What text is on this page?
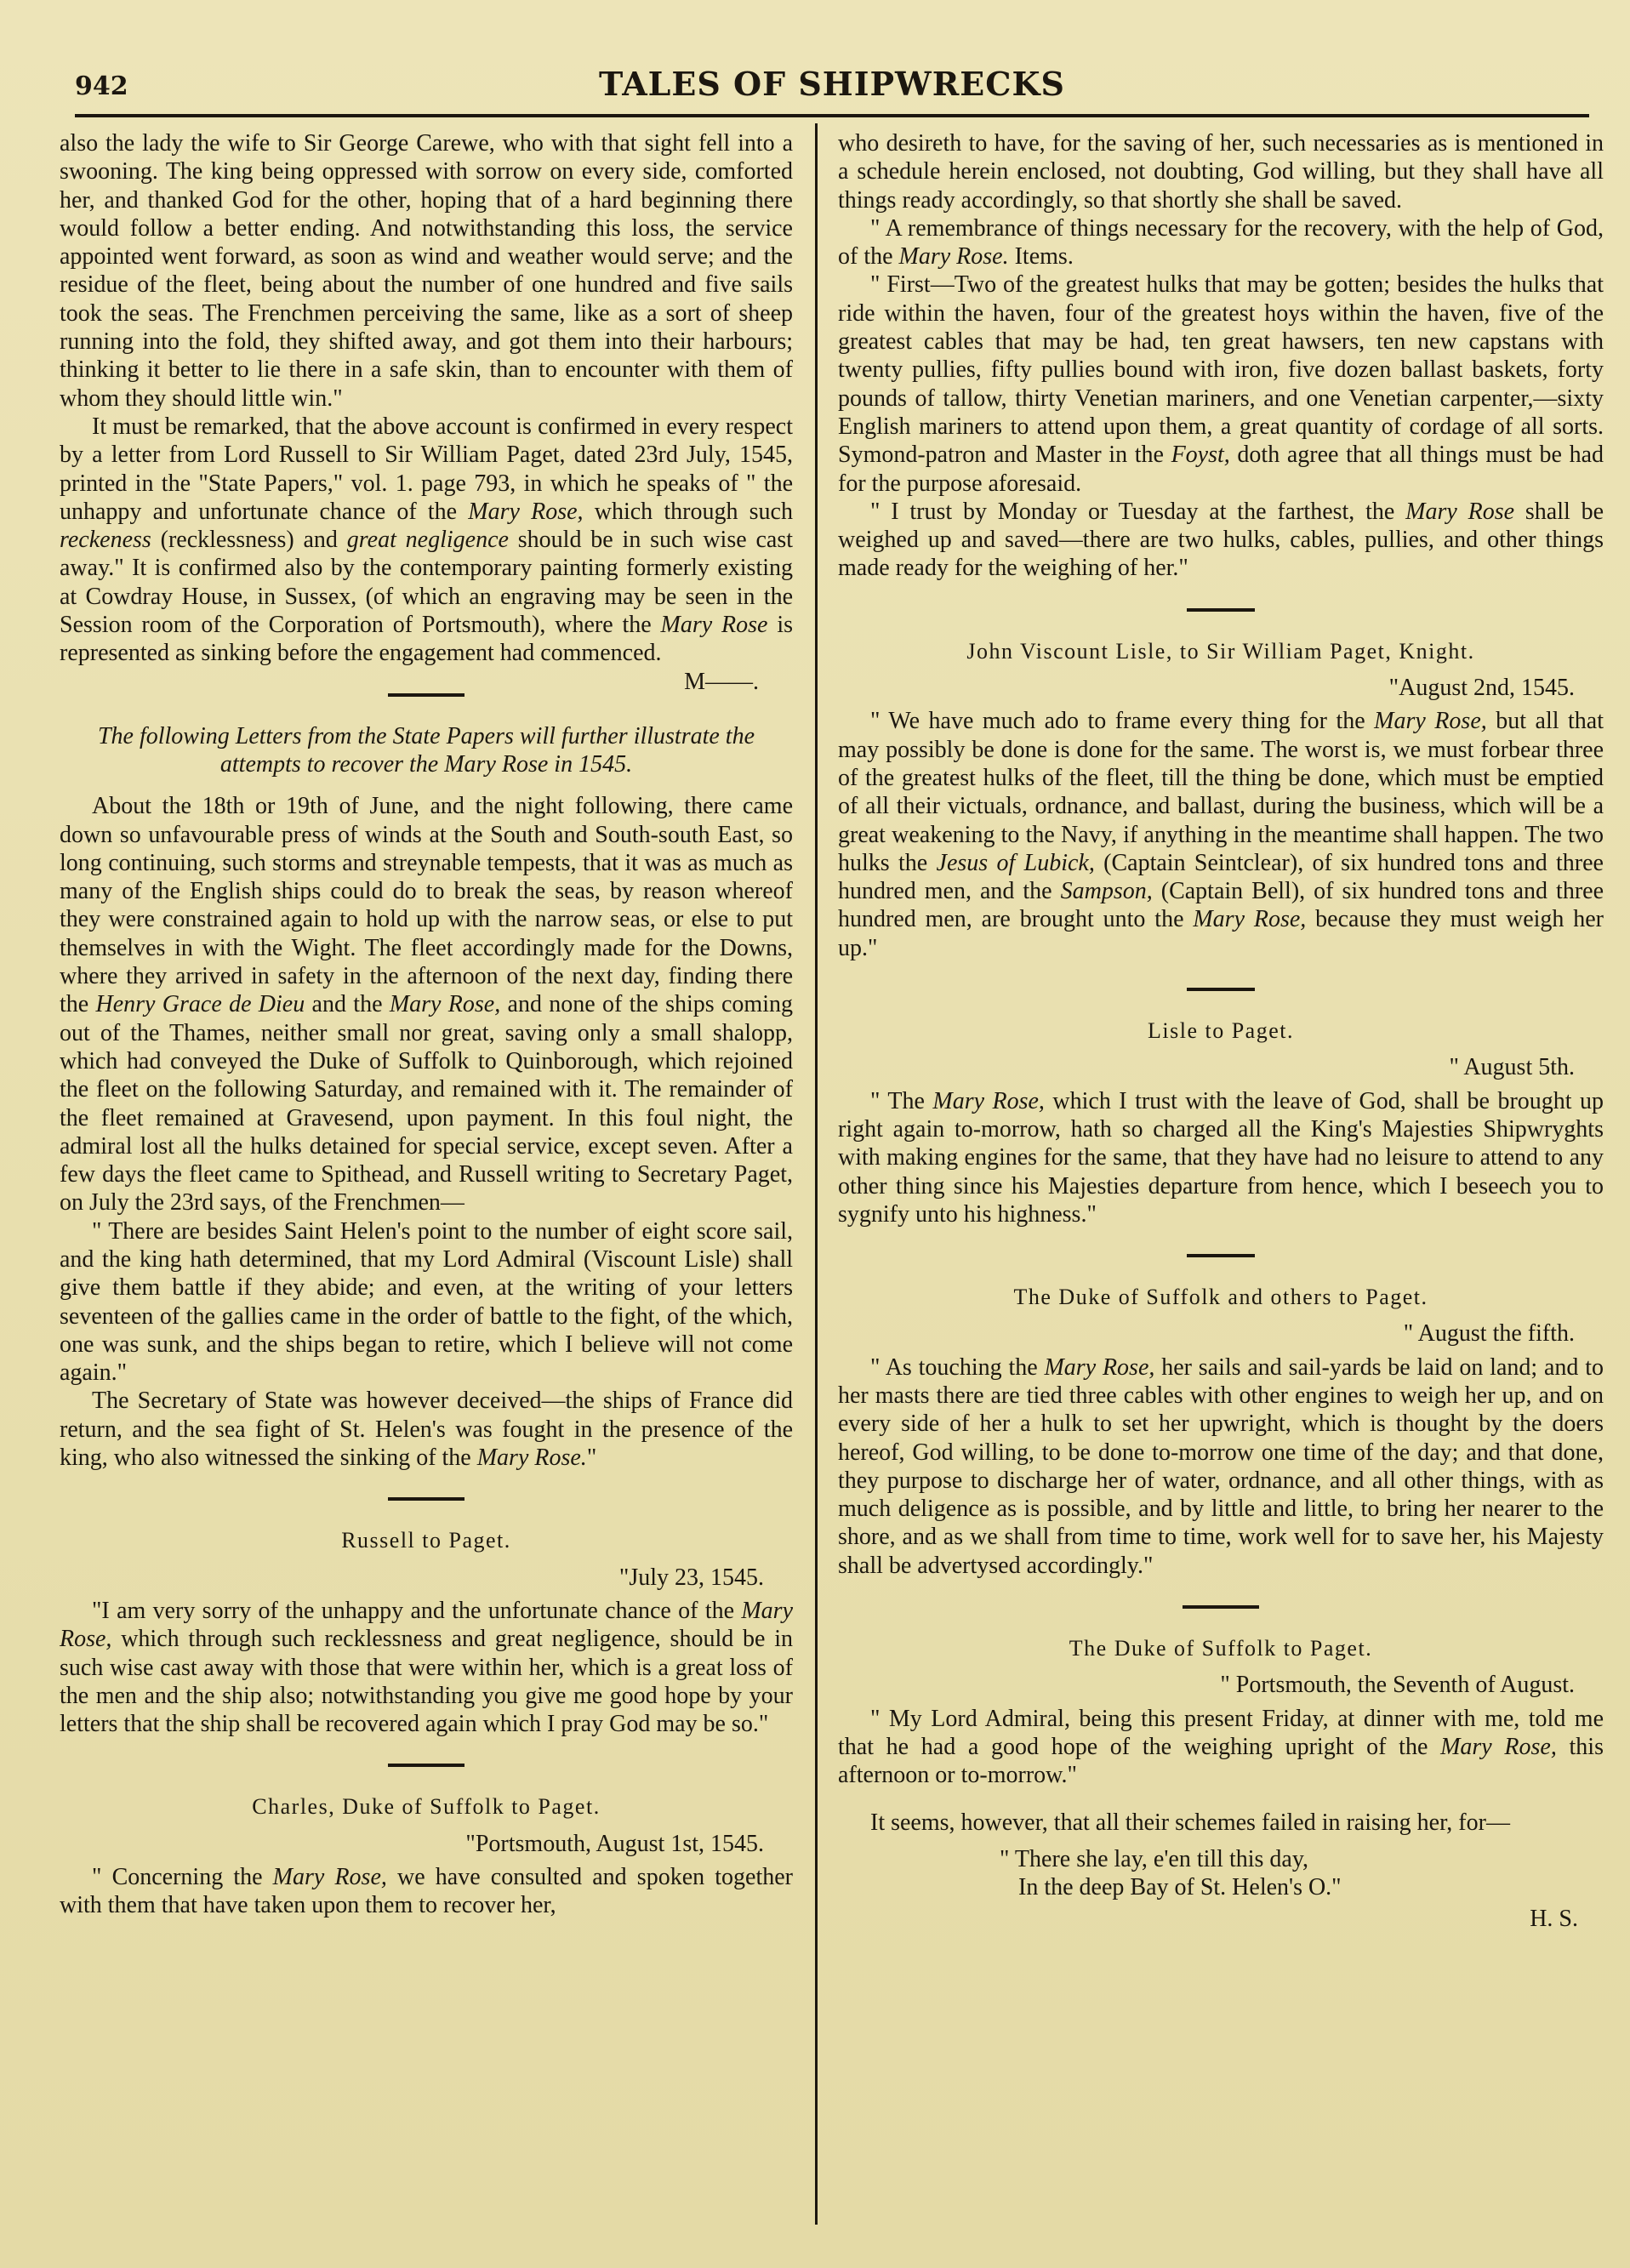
942	TALES OF SHIPWRECKS

also the lady the wife to Sir George Carewe, who with that sight fell into a swooning. The king being oppressed with sorrow on every side, comforted her, and thanked God for the other, hoping that of a hard beginning there would follow a better ending. And notwithstanding this loss, the service appointed went forward, as soon as wind and weather would serve; and the residue of the fleet, being about the number of one hundred and five sails took the seas. The Frenchmen perceiving the same, like as a sort of sheep running into the fold, they shifted away, and got them into their harbours; thinking it better to lie there in a safe skin, than to encounter with them of whom they should little win."

It must be remarked, that the above account is confirmed in every respect by a letter from Lord Russell to Sir William Paget, dated 23rd July, 1545, printed in the "State Papers," vol. 1. page 793, in which he speaks of " the unhappy and unfortunate chance of the Mary Rose, which through such reckeness (recklessness) and great negligence should be in such wise cast away." It is confirmed also by the contemporary painting formerly existing at Cowdray House, in Sussex, (of which an engraving may be seen in the Session room of the Corporation of Portsmouth), where the Mary Rose is represented as sinking before the engagement had commenced.
M——.

The following Letters from the State Papers will further illustrate the attempts to recover the Mary Rose in 1545.

About the 18th or 19th of June, and the night following, there came down so unfavourable press of winds at the South and South-south East, so long continuing, such storms and streynable tempests, that it was as much as many of the English ships could do to break the seas, by reason whereof they were constrained again to hold up with the narrow seas, or else to put themselves in with the Wight. The fleet accordingly made for the Downs, where they arrived in safety in the afternoon of the next day, finding there the Henry Grace de Dieu and the Mary Rose, and none of the ships coming out of the Thames, neither small nor great, saving only a small shalopp, which had conveyed the Duke of Suffolk to Quinborough, which rejoined the fleet on the following Saturday, and remained with it. The remainder of the fleet remained at Gravesend, upon payment. In this foul night, the admiral lost all the hulks detained for special service, except seven. After a few days the fleet came to Spithead, and Russell writing to Secretary Paget, on July the 23rd says, of the Frenchmen—

" There are besides Saint Helen's point to the number of eight score sail, and the king hath determined, that my Lord Admiral (Viscount Lisle) shall give them battle if they abide; and even, at the writing of your letters seventeen of the gallies came in the order of battle to the fight, of the which, one was sunk, and the ships began to retire, which I believe will not come again."

The Secretary of State was however deceived—the ships of France did return, and the sea fight of St. Helen's was fought in the presence of the king, who also witnessed the sinking of the Mary Rose."

Russell to Paget.
"July 23, 1545.

"I am very sorry of the unhappy and the unfortunate chance of the Mary Rose, which through such recklessness and great negligence, should be in such wise cast away with those that were within her, which is a great loss of the men and the ship also; notwithstanding you give me good hope by your letters that the ship shall be recovered again which I pray God may be so."

Charles, Duke of Suffolk to Paget.
"Portsmouth, August 1st, 1545.

" Concerning the Mary Rose, we have consulted and spoken together with them that have taken upon them to recover her,

who desireth to have, for the saving of her, such necessaries as is mentioned in a schedule herein enclosed, not doubting, God willing, but they shall have all things ready accordingly, so that shortly she shall be saved.

" A remembrance of things necessary for the recovery, with the help of God, of the Mary Rose. Items.

" First—Two of the greatest hulks that may be gotten; besides the hulks that ride within the haven, four of the greatest hoys within the haven, five of the greatest cables that may be had, ten great hawsers, ten new capstans with twenty pullies, fifty pullies bound with iron, five dozen ballast baskets, forty pounds of tallow, thirty Venetian mariners, and one Venetian carpenter,—sixty English mariners to attend upon them, a great quantity of cordage of all sorts. Symond-patron and Master in the Foyst, doth agree that all things must be had for the purpose aforesaid.

" I trust by Monday or Tuesday at the farthest, the Mary Rose shall be weighed up and saved—there are two hulks, cables, pullies, and other things made ready for the weighing of her."

John Viscount Lisle, to Sir William Paget, Knight.
"August 2nd, 1545.

" We have much ado to frame every thing for the Mary Rose, but all that may possibly be done is done for the same. The worst is, we must forbear three of the greatest hulks of the fleet, till the thing be done, which must be emptied of all their victuals, ordnance, and ballast, during the business, which will be a great weakening to the Navy, if anything in the meantime shall happen. The two hulks the Jesus of Lubick, (Captain Seintclear), of six hundred tons and three hundred men, and the Sampson, (Captain Bell), of six hundred tons and three hundred men, are brought unto the Mary Rose, because they must weigh her up."

Lisle to Paget.
" August 5th.

" The Mary Rose, which I trust with the leave of God, shall be brought up right again to-morrow, hath so charged all the King's Majesties Shipwryghts with making engines for the same, that they have had no leisure to attend to any other thing since his Majesties departure from hence, which I beseech you to sygnify unto his highness."

The Duke of Suffolk and others to Paget.
" August the fifth.

" As touching the Mary Rose, her sails and sail-yards be laid on land; and to her masts there are tied three cables with other engines to weigh her up, and on every side of her a hulk to set her upwright, which is thought by the doers hereof, God willing, to be done to-morrow one time of the day; and that done, they purpose to discharge her of water, ordnance, and all other things, with as much deligence as is possible, and by little and little, to bring her nearer to the shore, and as we shall from time to time, work well for to save her, his Majesty shall be advertysed accordingly."

The Duke of Suffolk to Paget.
" Portsmouth, the Seventh of August.

" My Lord Admiral, being this present Friday, at dinner with me, told me that he had a good hope of the weighing upright of the Mary Rose, this afternoon or to-morrow."

It seems, however, that all their schemes failed in raising her, for—

" There she lay, e'en till this day,
In the deep Bay of St. Helen's O."
H. S.
